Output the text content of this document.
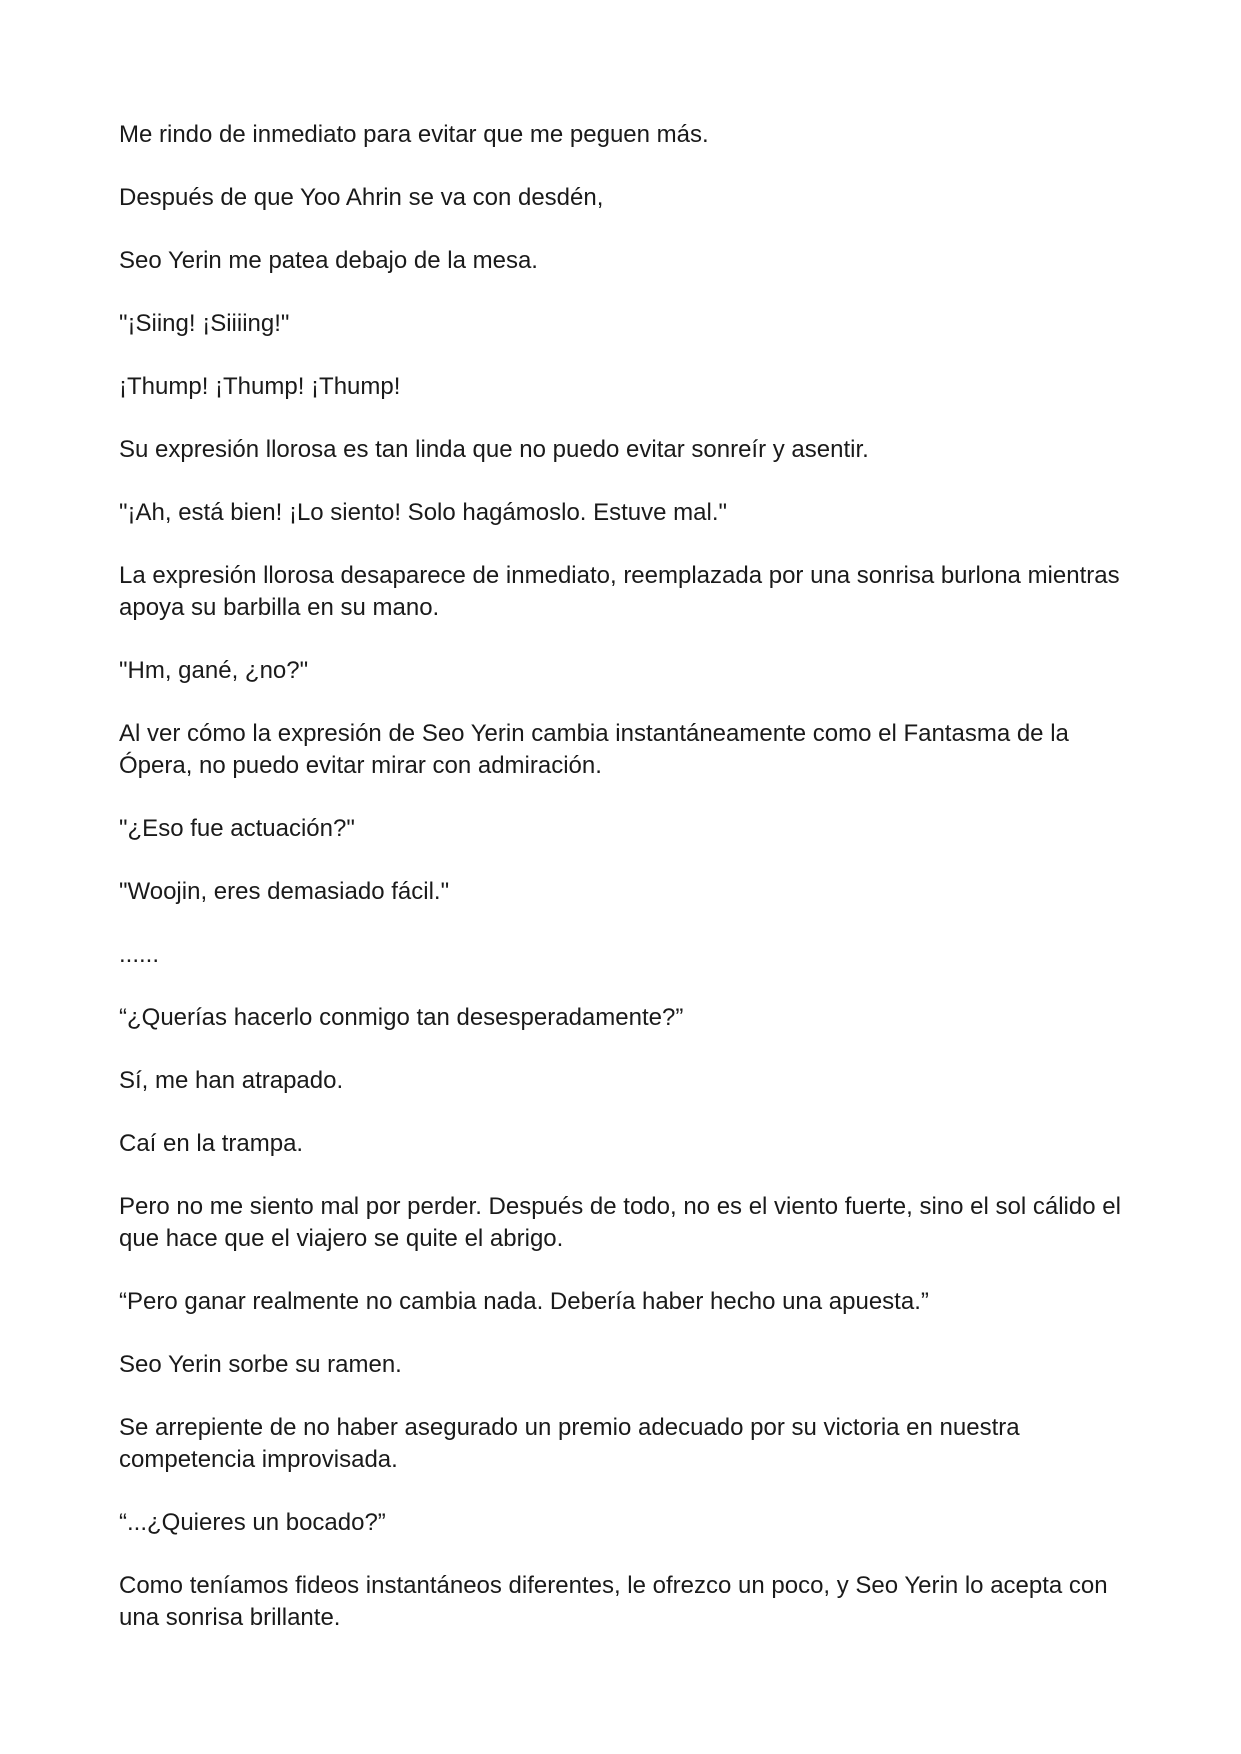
Me rindo de inmediato para evitar que me peguen más.

Después de que Yoo Ahrin se va con desdén,

Seo Yerin me patea debajo de la mesa.

"¡Siing! ¡Siiiing!"

¡Thump! ¡Thump! ¡Thump!

Su expresión llorosa es tan linda que no puedo evitar sonreír y asentir.

"¡Ah, está bien! ¡Lo siento! Solo hagámoslo. Estuve mal."

La expresión llorosa desaparece de inmediato, reemplazada por una sonrisa burlona mientras apoya su barbilla en su mano.

"Hm, gané, ¿no?"

Al ver cómo la expresión de Seo Yerin cambia instantáneamente como el Fantasma de la Ópera, no puedo evitar mirar con admiración.

"¿Eso fue actuación?"

"Woojin, eres demasiado fácil."

......

“¿Querías hacerlo conmigo tan desesperadamente?”

Sí, me han atrapado.

Caí en la trampa.

Pero no me siento mal por perder. Después de todo, no es el viento fuerte, sino el sol cálido el que hace que el viajero se quite el abrigo.

“Pero ganar realmente no cambia nada. Debería haber hecho una apuesta.”

Seo Yerin sorbe su ramen.

Se arrepiente de no haber asegurado un premio adecuado por su victoria en nuestra competencia improvisada.

“...¿Quieres un bocado?”

Como teníamos fideos instantáneos diferentes, le ofrezco un poco, y Seo Yerin lo acepta con una sonrisa brillante.
